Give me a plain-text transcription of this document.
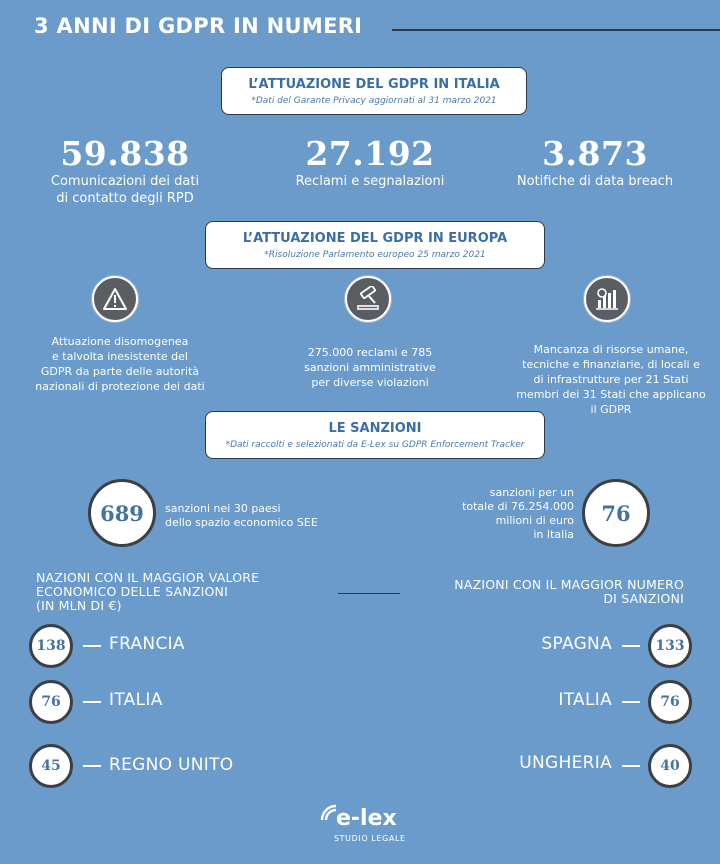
3 ANNI DI GDPR IN NUMERI
L’ATTUAZIONE DEL GDPR IN ITALIA
*Dati del Garante Privacy aggiornati al 31 marzo 2021
59.838
Comunicazioni dei dati
di contatto degli RPD
27.192
Reclami e segnalazioni
3.873
Notifiche di data breach
L’ATTUAZIONE DEL GDPR IN EUROPA
*Risoluzione Parlamento europeo 25 marzo 2021
Attuazione disomogenea
e talvolta inesistente del
GDPR da parte delle autorità
nazionali di protezione dei dati
275.000 reclami e 785
sanzioni amministrative
per diverse violazioni
Mancanza di risorse umane,
tecniche e finanziarie, di locali e
di infrastrutture per 21 Stati
membri dei 31 Stati che applicano
il GDPR
LE SANZIONI
*Dati raccolti e selezionati da E-Lex su GDPR Enforcement Tracker
689	sanzioni nei 30 paesi
dello spazio economico SEE
sanzioni per un
totale di 76.254.000
milioni di euro
in Italia
76
NAZIONI CON IL MAGGIOR VALORE
ECONOMICO DELLE SANZIONI
(IN MLN DI €)
NAZIONI CON IL MAGGIOR NUMERO
DI SANZIONI
138	FRANCIA
76	ITALIA
45	REGNO UNITO
SPAGNA	133
ITALIA	76
UNGHERIA	40
e-lex
STUDIO LEGALE
